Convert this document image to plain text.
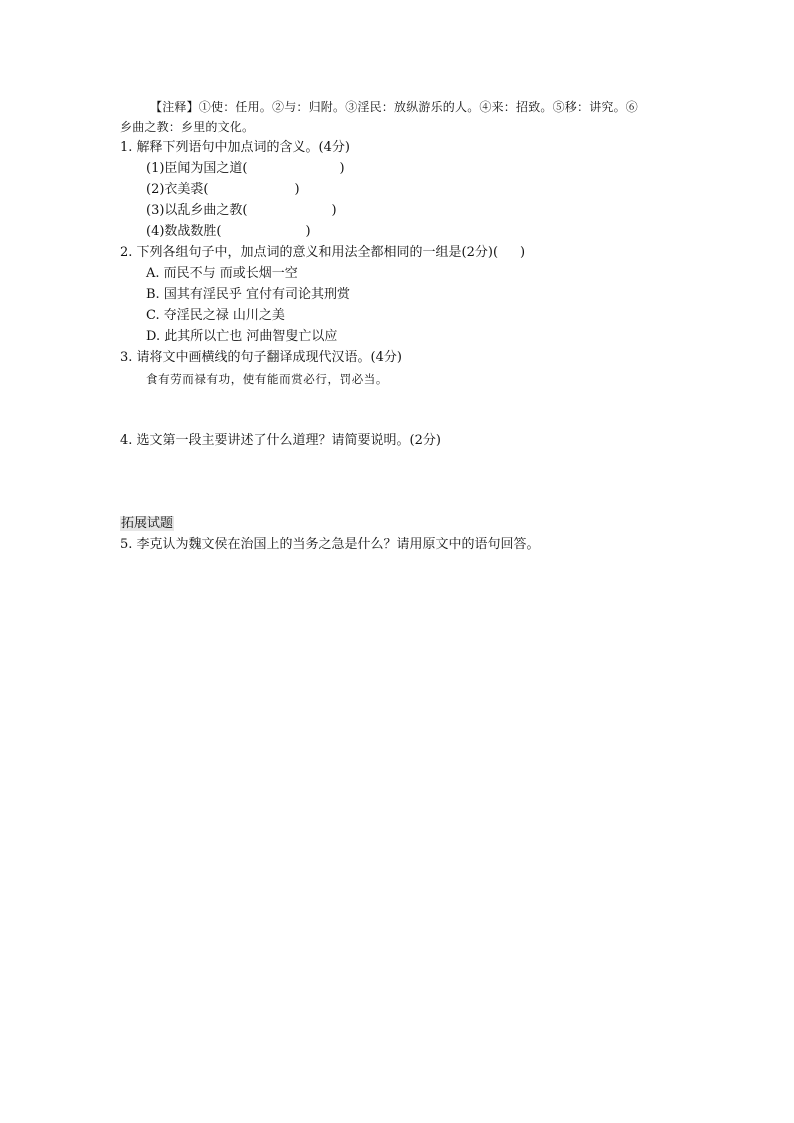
【注释】①使：任用。②与：归附。③淫民：放纵游乐的人。④来：招致。⑤移：讲究。⑥
乡曲之教：乡里的文化。
1. 解释下列语句中加点词的含义。(4分)
(1)臣闻为国之道(	)
(2)衣美裘(	)
(3)以乱乡曲之教(	)
(4)数战数胜(	)
2. 下列各组句子中，加点词的意义和用法全都相同的一组是(2分)( )
A. 而民不与 而或长烟一空
B. 国其有淫民乎 宜付有司论其刑赏
C. 夺淫民之禄 山川之美
D. 此其所以亡也 河曲智叟亡以应
3. 请将文中画横线的句子翻译成现代汉语。(4分)
食有劳而禄有功，使有能而赏必行，罚必当。
4. 选文第一段主要讲述了什么道理？请简要说明。(2分)
拓展试题
5. 李克认为魏文侯在治国上的当务之急是什么？请用原文中的语句回答。
